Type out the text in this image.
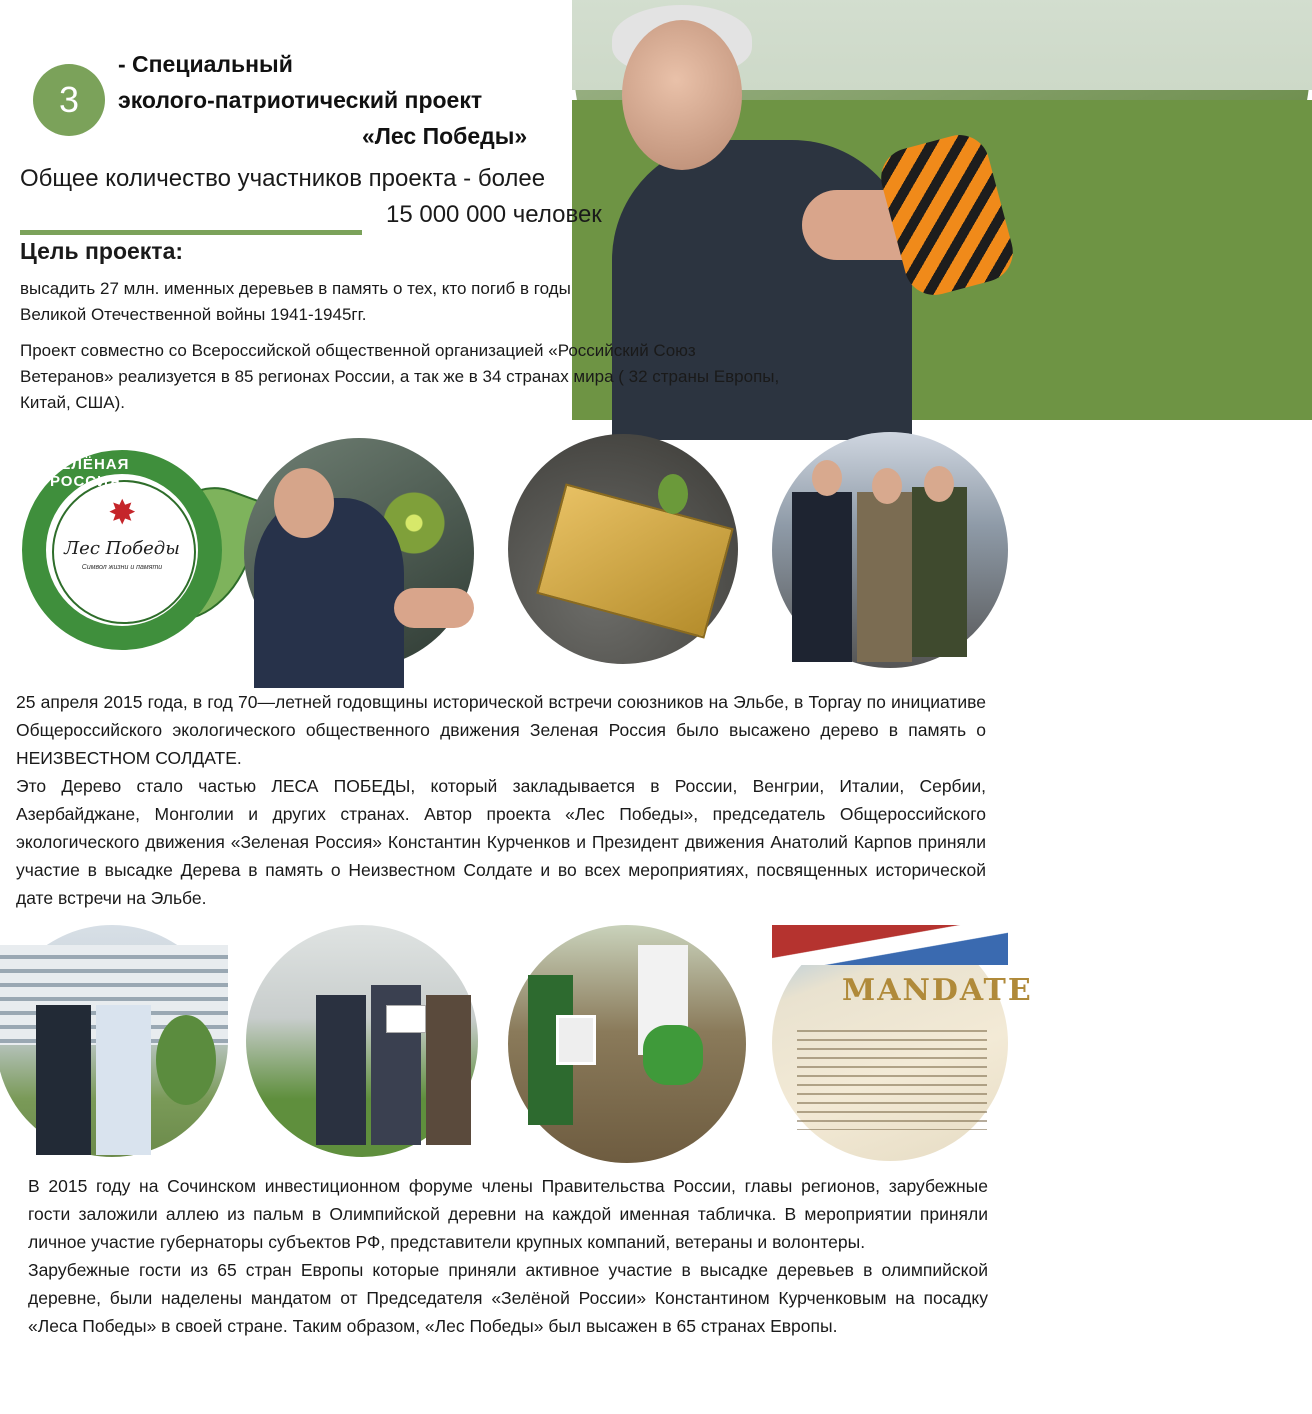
3
- Специальный
эколого-патриотический проект
«Лес Победы»
Общее количество участников проекта - более
15 000 000 человек
Цель проекта:
высадить 27 млн. именных деревьев в память о тех, кто погиб в годы Великой Отечественной войны 1941-1945гг.
Проект совместно со Всероссийской общественной организацией «Российский Союз Ветеранов» реализуется в 85 регионах России, а так же в 34 странах мира ( 32 страны Европы, Китай, США).
ЗЕЛЁНАЯ РОССИЯ
✸
Лес Победы
Символ жизни и памяти
25 апреля 2015 года, в год 70—летней годовщины исторической встречи союзников на Эльбе, в Торгау по инициативе Общероссийского экологического общественного движения Зеленая Россия было высажено дерево в память о НЕИЗВЕСТНОМ СОЛДАТЕ.
Это Дерево стало частью ЛЕСА ПОБЕДЫ, который закладывается в России, Венгрии, Италии, Сербии, Азербайджане, Монголии и других странах. Автор проекта «Лес Победы», председатель Общероссийского экологического движения «Зеленая Россия» Константин Курченков и Президент движения Анатолий Карпов приняли участие в высадке Дерева в память о Неизвестном Солдате и во всех мероприятиях, посвященных исторической дате встречи на Эльбе.
MANDATE
В 2015 году на Сочинском инвестиционном форуме члены Правительства России, главы регионов, зарубежные гости заложили аллею из пальм в Олимпийской деревни на каждой именная табличка. В мероприятии приняли личное участие губернаторы субъектов РФ, представители крупных компаний, ветераны и волонтеры.
Зарубежные гости из 65 стран Европы которые приняли активное участие в высадке деревьев в олимпийской деревне, были наделены мандатом от Председателя «Зелёной России» Константином Курченковым на посадку «Леса Победы» в своей стране. Таким образом, «Лес Победы» был высажен в 65 странах Европы.
